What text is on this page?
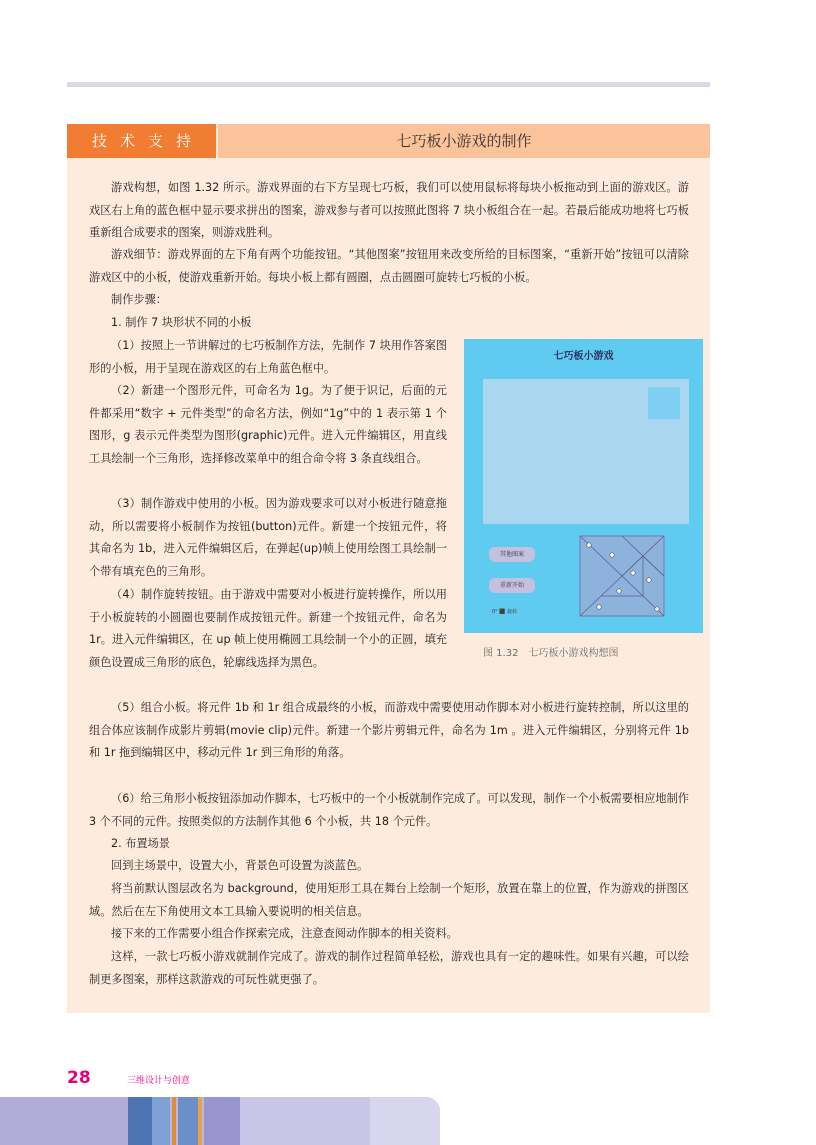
技术支持	七巧板小游戏的制作

游戏构想，如图 1.32 所示。游戏界面的右下方呈现七巧板，我们可以使用鼠标将每块小板拖动到上面的游戏区。游戏区右上角的蓝色框中显示要求拼出的图案，游戏参与者可以按照此图将 7 块小板组合在一起。若最后能成功地将七巧板重新组合成要求的图案，则游戏胜利。

游戏细节：游戏界面的左下角有两个功能按钮。“其他图案”按钮用来改变所给的目标图案，“重新开始”按钮可以清除游戏区中的小板，使游戏重新开始。每块小板上都有圆圈，点击圆圈可旋转七巧板的小板。

制作步骤：

1. 制作 7 块形状不同的小板

（1）按照上一节讲解过的七巧板制作方法，先制作 7 块用作答案图形的小板，用于呈现在游戏区的右上角蓝色框中。

（2）新建一个图形元件，可命名为 1g。为了便于识记，后面的元件都采用“数字 + 元件类型”的命名方法，例如“1g”中的 1 表示第 1 个图形，g 表示元件类型为图形(graphic)元件。进入元件编辑区，用直线工具绘制一个三角形，选择修改菜单中的组合命令将 3 条直线组合。

（3）制作游戏中使用的小板。因为游戏要求可以对小板进行随意拖动，所以需要将小板制作为按钮(button)元件。新建一个按钮元件，将其命名为 1b，进入元件编辑区后，在弹起(up)帧上使用绘图工具绘制一个带有填充色的三角形。

（4）制作旋转按钮。由于游戏中需要对小板进行旋转操作，所以用于小板旋转的小圆圈也要制作成按钮元件。新建一个按钮元件，命名为 1r。进入元件编辑区，在 up 帧上使用椭圆工具绘制一个小的正圆，填充颜色设置成三角形的底色，轮廓线选择为黑色。

（5）组合小板。将元件 1b 和 1r 组合成最终的小板，而游戏中需要使用动作脚本对小板进行旋转控制，所以这里的组合体应该制作成影片剪辑(movie clip)元件。新建一个影片剪辑元件，命名为 1m 。进入元件编辑区，分别将元件 1b 和 1r 拖到编辑区中，移动元件 1r 到三角形的角落。

（6）给三角形小板按钮添加动作脚本，七巧板中的一个小板就制作完成了。可以发现，制作一个小板需要相应地制作 3 个不同的元件。按照类似的方法制作其他 6 个小板，共 18 个元件。

2. 布置场景

回到主场景中，设置大小，背景色可设置为淡蓝色。

将当前默认图层改名为 background，使用矩形工具在舞台上绘制一个矩形，放置在靠上的位置，作为游戏的拼图区域。然后在左下角使用文本工具输入要说明的相关信息。

接下来的工作需要小组合作探索完成，注意查阅动作脚本的相关资料。

这样，一款七巧板小游戏就制作完成了。游戏的制作过程简单轻松，游戏也具有一定的趣味性。如果有兴趣，可以绘制更多图案，那样这款游戏的可玩性就更强了。

七巧板小游戏
其他图案
重新开始
0° ⬛ 旋转
图 1.32　七巧板小游戏构想图
28	三维设计与创意
